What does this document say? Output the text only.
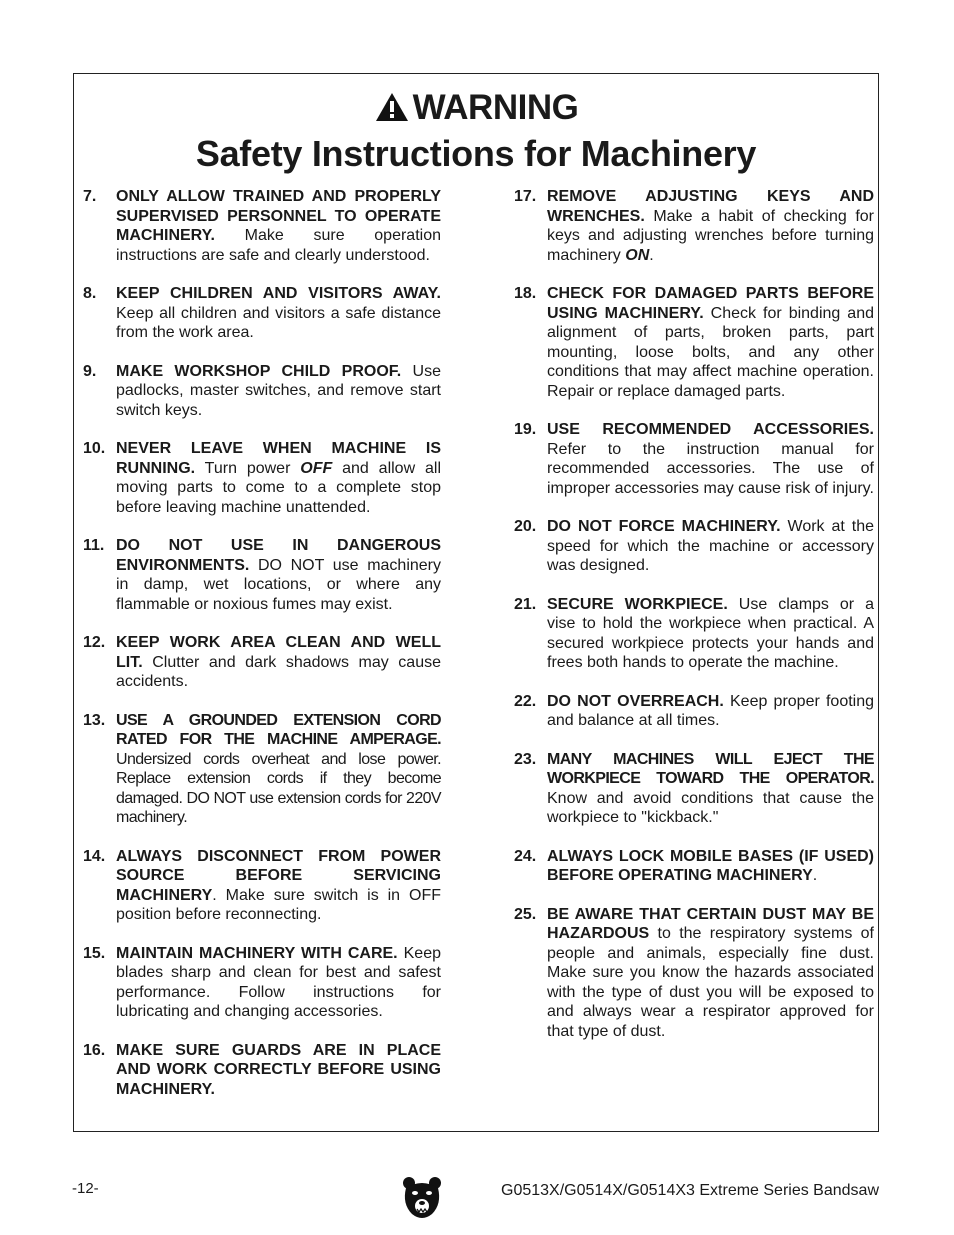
WARNING
Safety Instructions for Machinery
7. ONLY ALLOW TRAINED AND PROPERLY SUPERVISED PERSONNEL TO OPERATE MACHINERY. Make sure operation instructions are safe and clearly understood.
8. KEEP CHILDREN AND VISITORS AWAY. Keep all children and visitors a safe distance from the work area.
9. MAKE WORKSHOP CHILD PROOF. Use padlocks, master switches, and remove start switch keys.
10. NEVER LEAVE WHEN MACHINE IS RUNNING. Turn power OFF and allow all moving parts to come to a complete stop before leaving machine unattended.
11. DO NOT USE IN DANGEROUS ENVIRONMENTS. DO NOT use machinery in damp, wet locations, or where any flammable or noxious fumes may exist.
12. KEEP WORK AREA CLEAN AND WELL LIT. Clutter and dark shadows may cause accidents.
13. USE A GROUNDED EXTENSION CORD RATED FOR THE MACHINE AMPERAGE. Undersized cords overheat and lose power. Replace extension cords if they become damaged. DO NOT use extension cords for 220V machinery.
14. ALWAYS DISCONNECT FROM POWER SOURCE BEFORE SERVICING MACHINERY. Make sure switch is in OFF position before reconnecting.
15. MAINTAIN MACHINERY WITH CARE. Keep blades sharp and clean for best and safest performance. Follow instructions for lubricating and changing accessories.
16. MAKE SURE GUARDS ARE IN PLACE AND WORK CORRECTLY BEFORE USING MACHINERY.
17. REMOVE ADJUSTING KEYS AND WRENCHES. Make a habit of checking for keys and adjusting wrenches before turning machinery ON.
18. CHECK FOR DAMAGED PARTS BEFORE USING MACHINERY. Check for binding and alignment of parts, broken parts, part mounting, loose bolts, and any other conditions that may affect machine operation. Repair or replace damaged parts.
19. USE RECOMMENDED ACCESSORIES. Refer to the instruction manual for recommended accessories. The use of improper accessories may cause risk of injury.
20. DO NOT FORCE MACHINERY. Work at the speed for which the machine or accessory was designed.
21. SECURE WORKPIECE. Use clamps or a vise to hold the workpiece when practical. A secured workpiece protects your hands and frees both hands to operate the machine.
22. DO NOT OVERREACH. Keep proper footing and balance at all times.
23. MANY MACHINES WILL EJECT THE WORKPIECE TOWARD THE OPERATOR. Know and avoid conditions that cause the workpiece to "kickback."
24. ALWAYS LOCK MOBILE BASES (IF USED) BEFORE OPERATING MACHINERY.
25. BE AWARE THAT CERTAIN DUST MAY BE HAZARDOUS to the respiratory systems of people and animals, especially fine dust. Make sure you know the hazards associated with the type of dust you will be exposed to and always wear a respirator approved for that type of dust.
-12-	G0513X/G0514X/G0514X3 Extreme Series Bandsaw
